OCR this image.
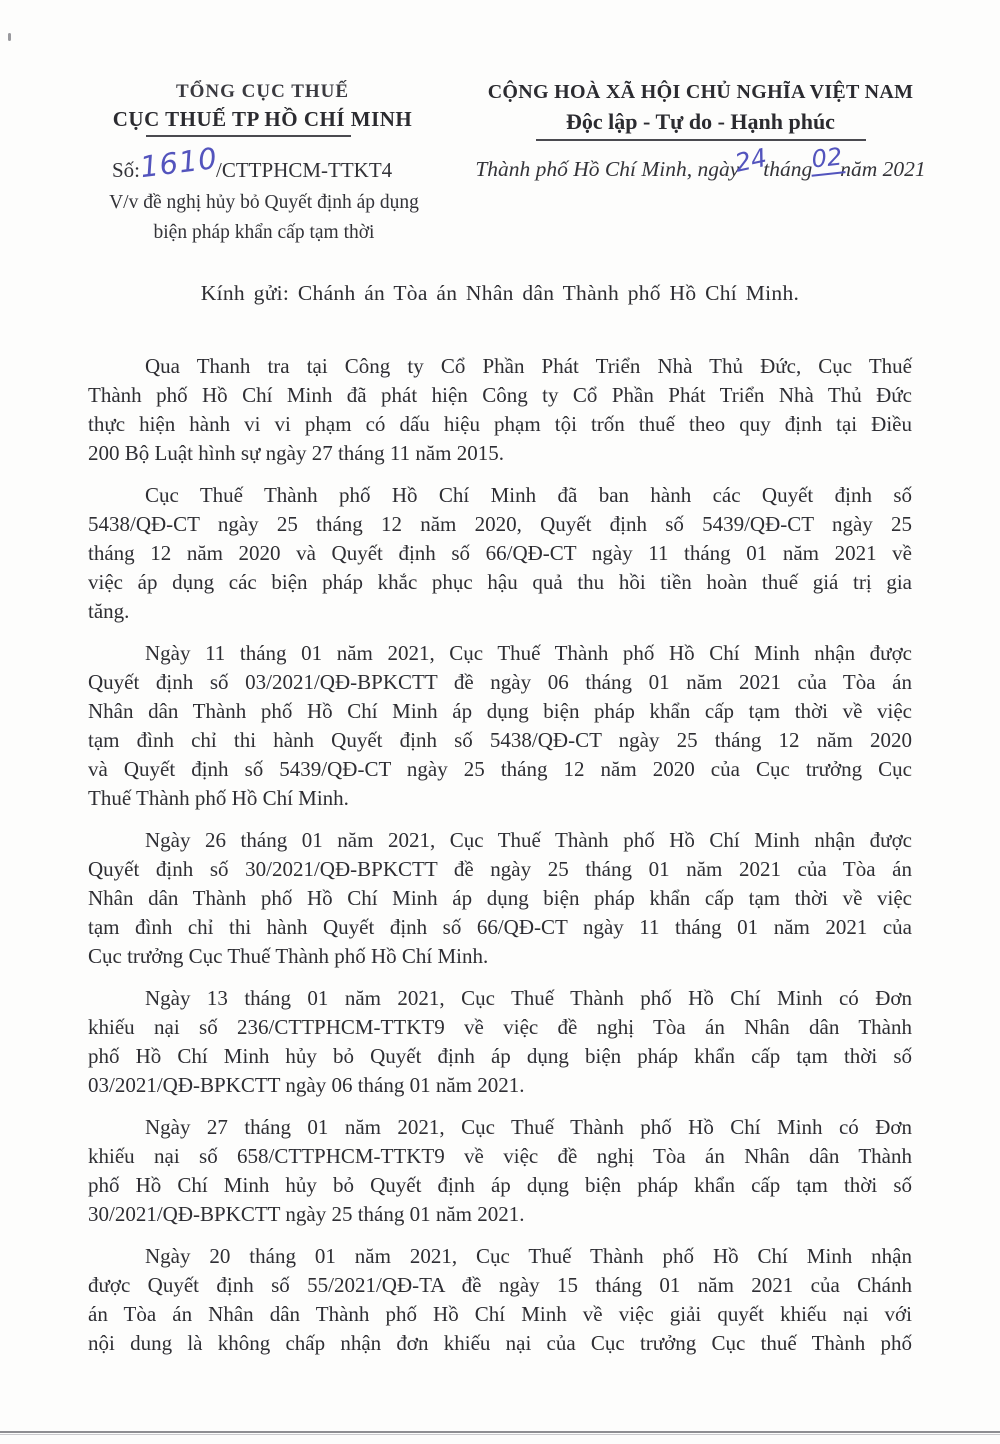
TỔNG CỤC THUẾ
CỤC THUẾ TP HỒ CHÍ MINH
CỘNG HOÀ XÃ HỘI CHỦ NGHĨA VIỆT NAM
Độc lập - Tự do - Hạnh phúc
Thành phố Hồ Chí Minh, ngày24tháng02năm 2021
Số:1610/CTTPHCM-TTKT4
V/v đề nghị hủy bỏ Quyết định áp dụng
biện pháp khẩn cấp tạm thời
Kính gửi: Chánh án Tòa án Nhân dân Thành phố Hồ Chí Minh.
Qua Thanh tra tại Công ty Cổ Phần Phát Triển Nhà Thủ Đức, Cục Thuế
Thành phố Hồ Chí Minh đã phát hiện Công ty Cổ Phần Phát Triển Nhà Thủ Đức
thực hiện hành vi vi phạm có dấu hiệu phạm tội trốn thuế theo quy định tại Điều
200 Bộ Luật hình sự ngày 27 tháng 11 năm 2015.
Cục Thuế Thành phố Hồ Chí Minh đã ban hành các Quyết định số
5438/QĐ-CT ngày 25 tháng 12 năm 2020, Quyết định số 5439/QĐ-CT ngày 25
tháng 12 năm 2020 và Quyết định số 66/QĐ-CT ngày 11 tháng 01 năm 2021 về
việc áp dụng các biện pháp khắc phục hậu quả thu hồi tiền hoàn thuế giá trị gia
tăng.
Ngày 11 tháng 01 năm 2021, Cục Thuế Thành phố Hồ Chí Minh nhận được
Quyết định số 03/2021/QĐ-BPKCTT đề ngày 06 tháng 01 năm 2021 của Tòa án
Nhân dân Thành phố Hồ Chí Minh áp dụng biện pháp khẩn cấp tạm thời về việc
tạm đình chỉ thi hành Quyết định số 5438/QĐ-CT ngày 25 tháng 12 năm 2020
và Quyết định số 5439/QĐ-CT ngày 25 tháng 12 năm 2020 của Cục trưởng Cục
Thuế Thành phố Hồ Chí Minh.
Ngày 26 tháng 01 năm 2021, Cục Thuế Thành phố Hồ Chí Minh nhận được
Quyết định số 30/2021/QĐ-BPKCTT đề ngày 25 tháng 01 năm 2021 của Tòa án
Nhân dân Thành phố Hồ Chí Minh áp dụng biện pháp khẩn cấp tạm thời về việc
tạm đình chỉ thi hành Quyết định số 66/QĐ-CT ngày 11 tháng 01 năm 2021 của
Cục trưởng Cục Thuế Thành phố Hồ Chí Minh.
Ngày 13 tháng 01 năm 2021, Cục Thuế Thành phố Hồ Chí Minh có Đơn
khiếu nại số 236/CTTPHCM-TTKT9 về việc đề nghị Tòa án Nhân dân Thành
phố Hồ Chí Minh hủy bỏ Quyết định áp dụng biện pháp khẩn cấp tạm thời số
03/2021/QĐ-BPKCTT ngày 06 tháng 01 năm 2021.
Ngày 27 tháng 01 năm 2021, Cục Thuế Thành phố Hồ Chí Minh có Đơn
khiếu nại số 658/CTTPHCM-TTKT9 về việc đề nghị Tòa án Nhân dân Thành
phố Hồ Chí Minh hủy bỏ Quyết định áp dụng biện pháp khẩn cấp tạm thời số
30/2021/QĐ-BPKCTT ngày 25 tháng 01 năm 2021.
Ngày 20 tháng 01 năm 2021, Cục Thuế Thành phố Hồ Chí Minh nhận
được Quyết định số 55/2021/QĐ-TA đề ngày 15 tháng 01 năm 2021 của Chánh
án Tòa án Nhân dân Thành phố Hồ Chí Minh về việc giải quyết khiếu nại với
nội dung là không chấp nhận đơn khiếu nại của Cục trưởng Cục thuế Thành phố
